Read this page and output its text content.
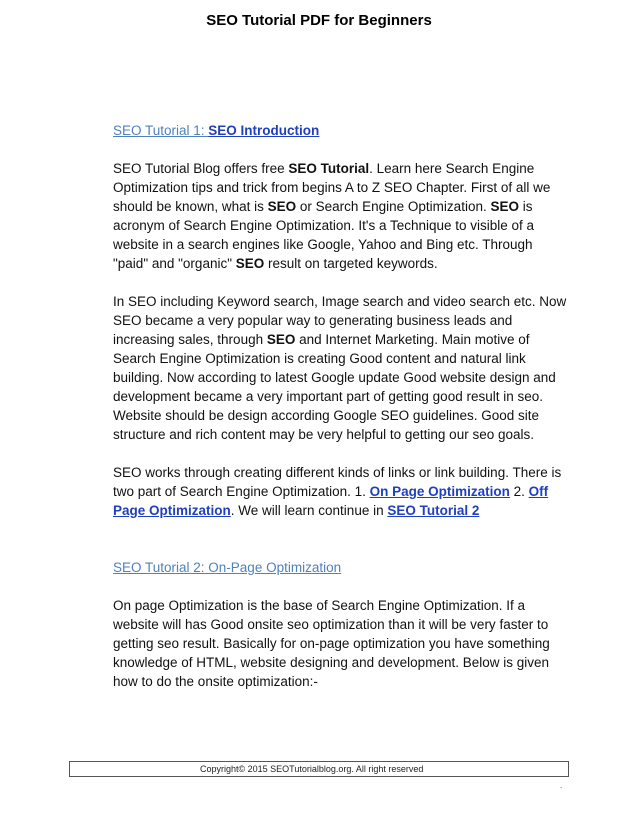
SEO Tutorial PDF for Beginners
SEO Tutorial 1: SEO Introduction

SEO Tutorial Blog offers free SEO Tutorial. Learn here Search Engine Optimization tips and trick from begins A to Z SEO Chapter. First of all we should be known, what is SEO or Search Engine Optimization. SEO is acronym of Search Engine Optimization. It's a Technique to visible of a website in a search engines like Google, Yahoo and Bing etc. Through "paid" and "organic" SEO result on targeted keywords.

In SEO including Keyword search, Image search and video search etc. Now SEO became a very popular way to generating business leads and increasing sales, through SEO and Internet Marketing. Main motive of Search Engine Optimization is creating Good content and natural link building. Now according to latest Google update Good website design and development became a very important part of getting good result in seo. Website should be design according Google SEO guidelines. Good site structure and rich content may be very helpful to getting our seo goals.

SEO works through creating different kinds of links or link building. There is two part of Search Engine Optimization. 1. On Page Optimization 2. Off Page Optimization. We will learn continue in SEO Tutorial 2

SEO Tutorial 2: On-Page Optimization

On page Optimization is the base of Search Engine Optimization. If a website will has Good onsite seo optimization than it will be very faster to getting seo result. Basically for on-page optimization you have something knowledge of HTML, website designing and development. Below is given how to do the onsite optimization:-

Copyright© 2015 SEOTutorialblog.org. All right reserved
.
